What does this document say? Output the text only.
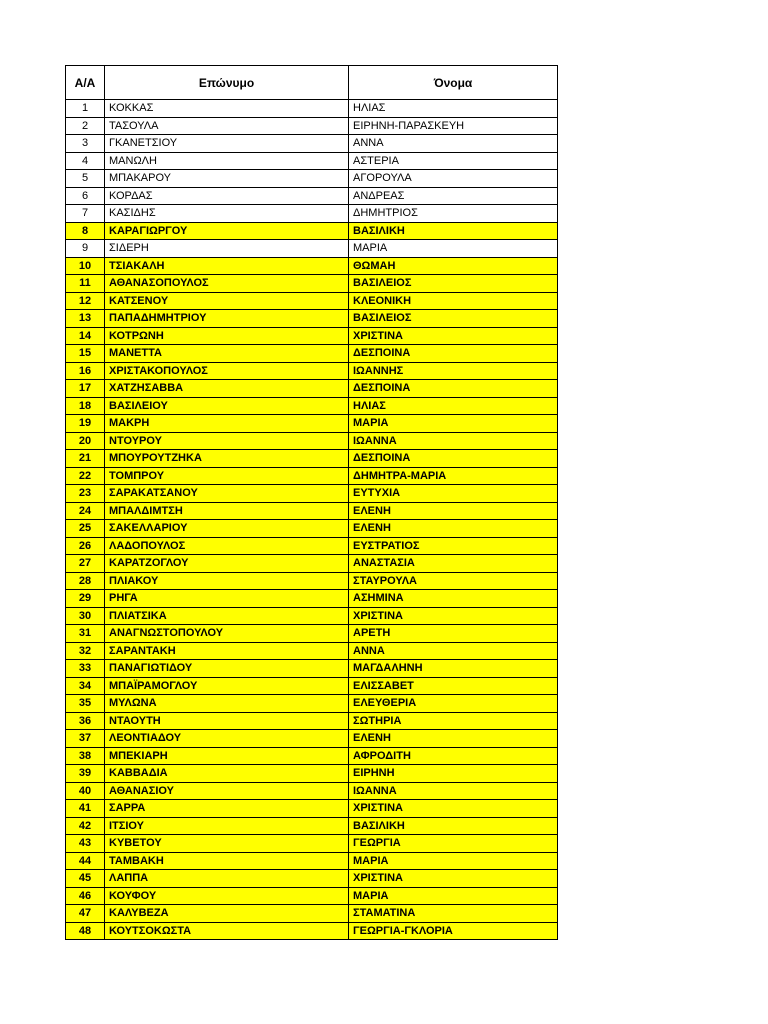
Α/Α	Επώνυμο	Όνομα
1	ΚΟΚΚΑΣ	ΗΛΙΑΣ
2	ΤΑΣΟΥΛΑ	ΕΙΡΗΝΗ-ΠΑΡΑΣΚΕΥΗ
3	ΓΚΑΝΕΤΣΙΟΥ	ΑΝΝΑ
4	ΜΑΝΩΛΗ	ΑΣΤΕΡΙΑ
5	ΜΠΑΚΑΡΟΥ	ΑΓΟΡΟΥΛΑ
6	ΚΟΡΔΑΣ	ΑΝΔΡΕΑΣ
7	ΚΑΣΙΔΗΣ	ΔΗΜΗΤΡΙΟΣ
8	ΚΑΡΑΓΙΩΡΓΟΥ	ΒΑΣΙΛΙΚΗ
9	ΣΙΔΕΡΗ	ΜΑΡΙΑ
10	ΤΣΙΑΚΑΛΗ	ΘΩΜΑΗ
11	ΑΘΑΝΑΣΟΠΟΥΛΟΣ	ΒΑΣΙΛΕΙΟΣ
12	ΚΑΤΣΕΝΟΥ	ΚΛΕΟΝΙΚΗ
13	ΠΑΠΑΔΗΜΗΤΡΙΟΥ	ΒΑΣΙΛΕΙΟΣ
14	ΚΟΤΡΩΝΗ	ΧΡΙΣΤΙΝΑ
15	ΜΑΝΕΤΤΑ	ΔΕΣΠΟΙΝΑ
16	ΧΡΙΣΤΑΚΟΠΟΥΛΟΣ	ΙΩΑΝΝΗΣ
17	ΧΑΤΖΗΣΑΒΒΑ	ΔΕΣΠΟΙΝΑ
18	ΒΑΣΙΛΕΙΟΥ	ΗΛΙΑΣ
19	ΜΑΚΡΗ	ΜΑΡΙΑ
20	ΝΤΟΥΡΟΥ	ΙΩΑΝΝΑ
21	ΜΠΟΥΡΟΥΤΖΗΚΑ	ΔΕΣΠΟΙΝΑ
22	ΤΟΜΠΡΟΥ	ΔΗΜΗΤΡΑ-ΜΑΡΙΑ
23	ΣΑΡΑΚΑΤΣΑΝΟΥ	ΕΥΤΥΧΙΑ
24	ΜΠΑΛΔΙΜΤΣΗ	ΕΛΕΝΗ
25	ΣΑΚΕΛΛΑΡΙΟΥ	ΕΛΕΝΗ
26	ΛΑΔΟΠΟΥΛΟΣ	ΕΥΣΤΡΑΤΙΟΣ
27	ΚΑΡΑΤΖΟΓΛΟΥ	ΑΝΑΣΤΑΣΙΑ
28	ΠΛΙΑΚΟΥ	ΣΤΑΥΡΟΥΛΑ
29	ΡΗΓΑ	ΑΣΗΜΙΝΑ
30	ΠΛΙΑΤΣΙΚΑ	ΧΡΙΣΤΙΝΑ
31	ΑΝΑΓΝΩΣΤΟΠΟΥΛΟΥ	ΑΡΕΤΗ
32	ΣΑΡΑΝΤΑΚΗ	ΑΝΝΑ
33	ΠΑΝΑΓΙΩΤΙΔΟΥ	ΜΑΓΔΑΛΗΝΗ
34	ΜΠΑΪΡΑΜΟΓΛΟΥ	ΕΛΙΣΣΑΒΕΤ
35	ΜΥΛΩΝΑ	ΕΛΕΥΘΕΡΙΑ
36	ΝΤΑΟΥΤΗ	ΣΩΤΗΡΙΑ
37	ΛΕΟΝΤΙΑΔΟΥ	ΕΛΕΝΗ
38	ΜΠΕΚΙΑΡΗ	ΑΦΡΟΔΙΤΗ
39	ΚΑΒΒΑΔΙΑ	ΕΙΡΗΝΗ
40	ΑΘΑΝΑΣΙΟΥ	ΙΩΑΝΝΑ
41	ΣΑΡΡΑ	ΧΡΙΣΤΙΝΑ
42	ΙΤΣΙΟΥ	ΒΑΣΙΛΙΚΗ
43	ΚΥΒΕΤΟΥ	ΓΕΩΡΓΙΑ
44	ΤΑΜΒΑΚΗ	ΜΑΡΙΑ
45	ΛΑΠΠΑ	ΧΡΙΣΤΙΝΑ
46	ΚΟΥΦΟΥ	ΜΑΡΙΑ
47	ΚΑΛΥΒΕΖΑ	ΣΤΑΜΑΤΙΝΑ
48	ΚΟΥΤΣΟΚΩΣΤΑ	ΓΕΩΡΓΙΑ-ΓΚΛΟΡΙΑ
